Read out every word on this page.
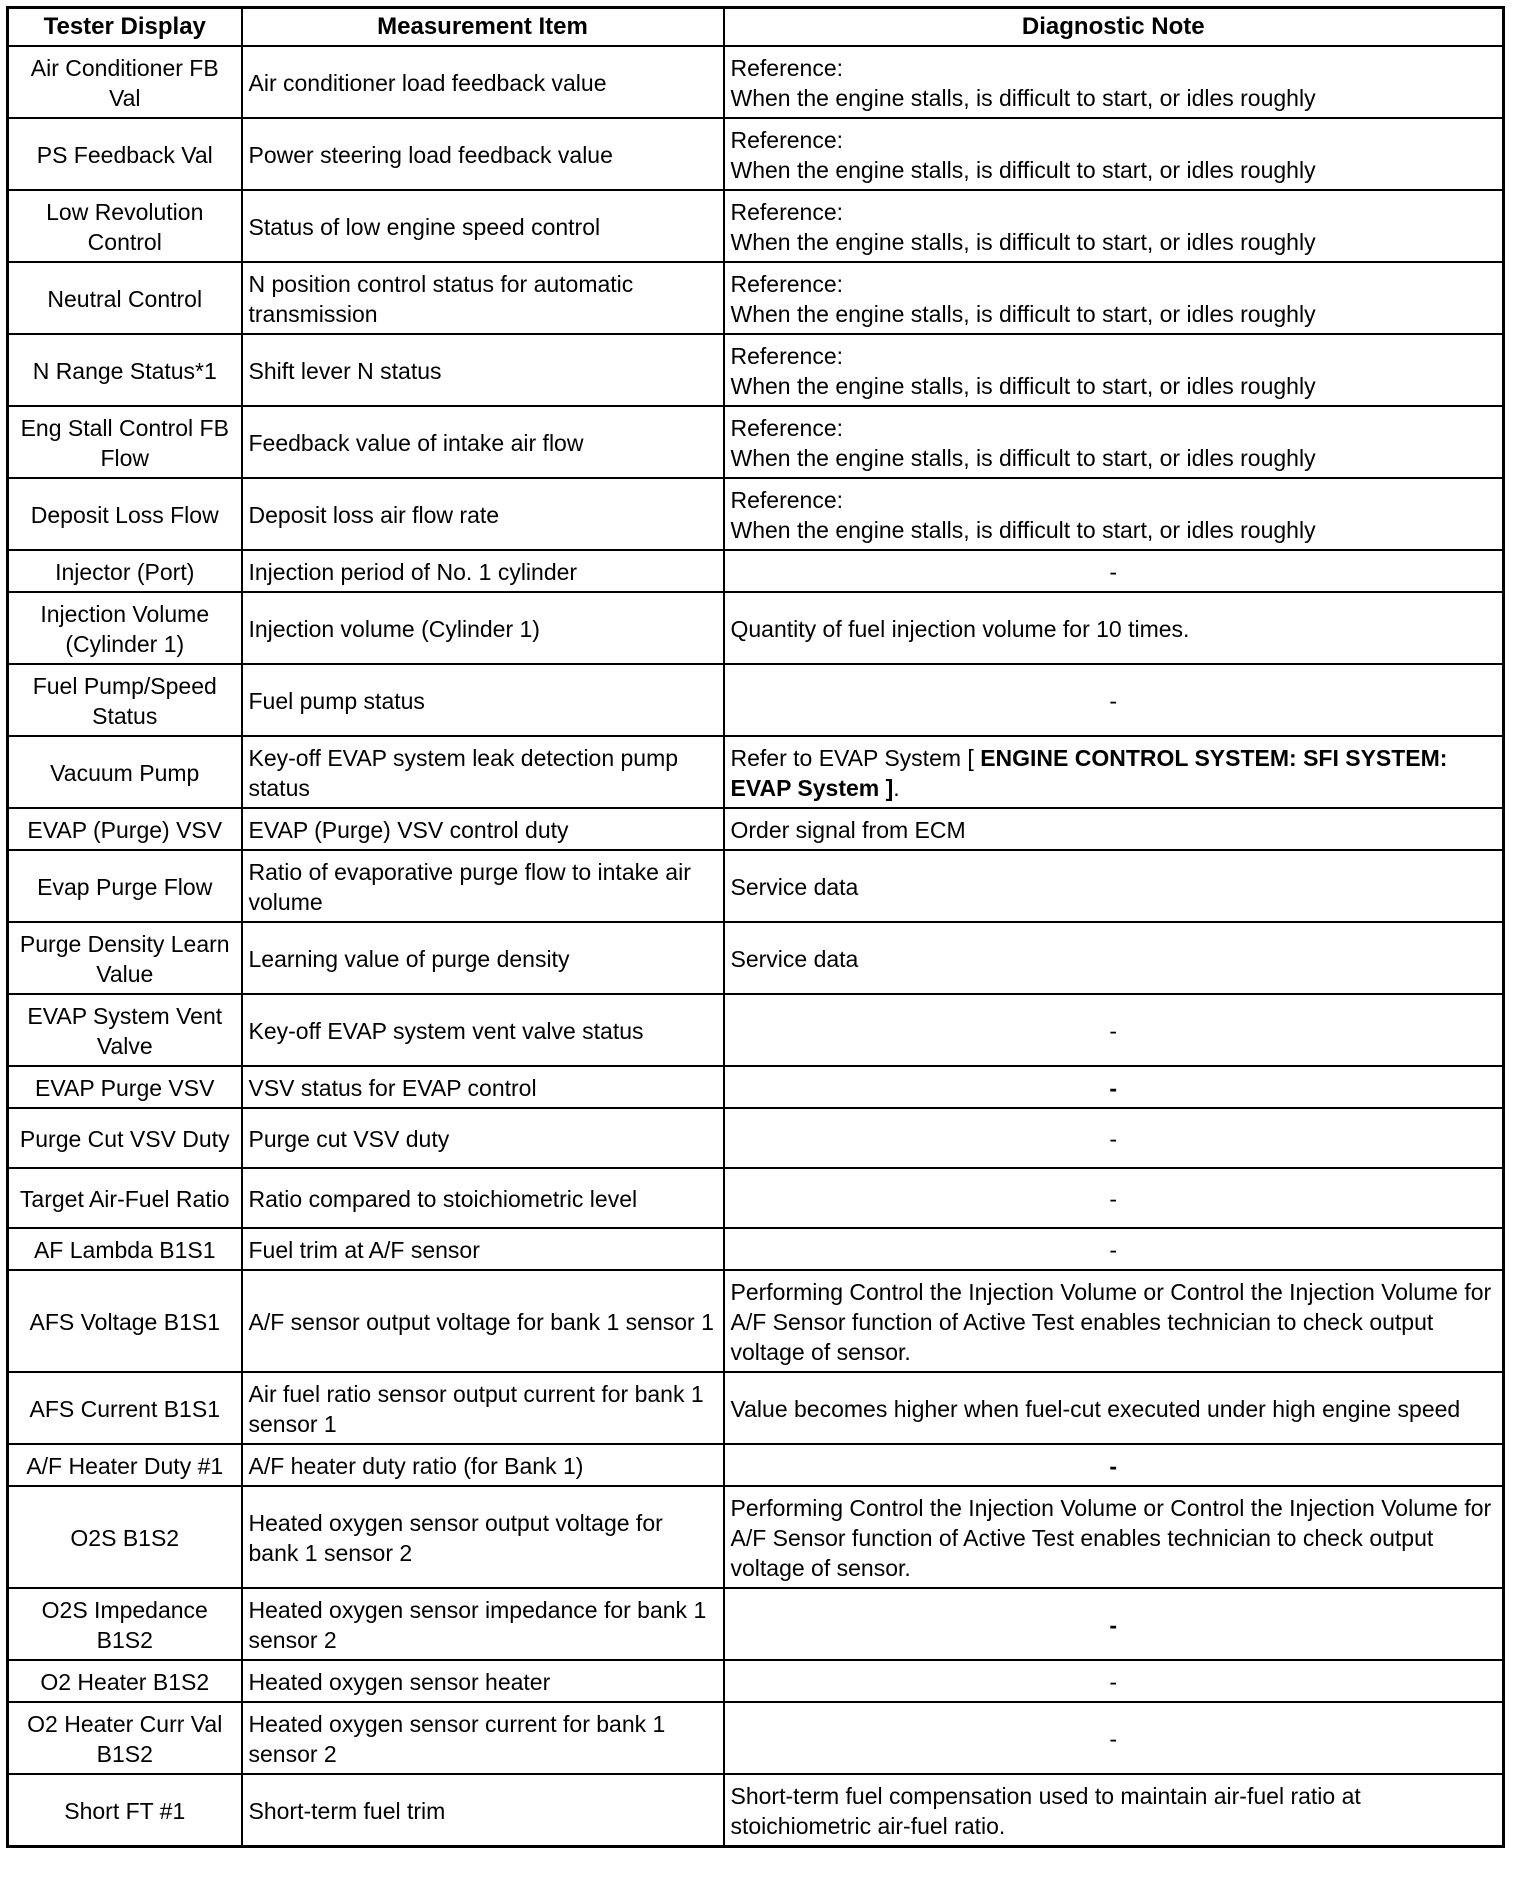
Tester Display	Measurement Item	Diagnostic Note
Air Conditioner FB Val	Air conditioner load feedback value	Reference:
When the engine stalls, is difficult to start, or idles roughly

PS Feedback Val	Power steering load feedback value	Reference:
When the engine stalls, is difficult to start, or idles roughly

Low Revolution Control	Status of low engine speed control	Reference:
When the engine stalls, is difficult to start, or idles roughly

Neutral Control	N position control status for automatic transmission	Reference:
When the engine stalls, is difficult to start, or idles roughly

N Range Status*1	Shift lever N status	Reference:
When the engine stalls, is difficult to start, or idles roughly

Eng Stall Control FB Flow	Feedback value of intake air flow	Reference:
When the engine stalls, is difficult to start, or idles roughly

Deposit Loss Flow	Deposit loss air flow rate	Reference:
When the engine stalls, is difficult to start, or idles roughly

Injector (Port)	Injection period of No. 1 cylinder	-
Injection Volume (Cylinder 1)	Injection volume (Cylinder 1)	Quantity of fuel injection volume for 10 times.
Fuel Pump/Speed Status	Fuel pump status	-
Vacuum Pump	Key-off EVAP system leak detection pump status	Refer to EVAP System [ ENGINE CONTROL SYSTEM: SFI SYSTEM: EVAP System ].
EVAP (Purge) VSV	EVAP (Purge) VSV control duty	Order signal from ECM
Evap Purge Flow	Ratio of evaporative purge flow to intake air volume	Service data
Purge Density Learn Value	Learning value of purge density	Service data
EVAP System Vent Valve	Key-off EVAP system vent valve status	-
EVAP Purge VSV	VSV status for EVAP control	-
Purge Cut VSV Duty	Purge cut VSV duty	-
Target Air-Fuel Ratio	Ratio compared to stoichiometric level	-
AF Lambda B1S1	Fuel trim at A/F sensor	-
AFS Voltage B1S1	A/F sensor output voltage for bank 1 sensor 1	Performing Control the Injection Volume or Control the Injection Volume for A/F Sensor function of Active Test enables technician to check output voltage of sensor.
AFS Current B1S1	Air fuel ratio sensor output current for bank 1 sensor 1	Value becomes higher when fuel-cut executed under high engine speed
A/F Heater Duty #1	A/F heater duty ratio (for Bank 1)	-
O2S B1S2	Heated oxygen sensor output voltage for bank 1 sensor 2	Performing Control the Injection Volume or Control the Injection Volume for A/F Sensor function of Active Test enables technician to check output voltage of sensor.
O2S Impedance B1S2	Heated oxygen sensor impedance for bank 1 sensor 2	-
O2 Heater B1S2	Heated oxygen sensor heater	-
O2 Heater Curr Val B1S2	Heated oxygen sensor current for bank 1 sensor 2	-
Short FT #1	Short-term fuel trim	Short-term fuel compensation used to maintain air-fuel ratio at stoichiometric air-fuel ratio.
